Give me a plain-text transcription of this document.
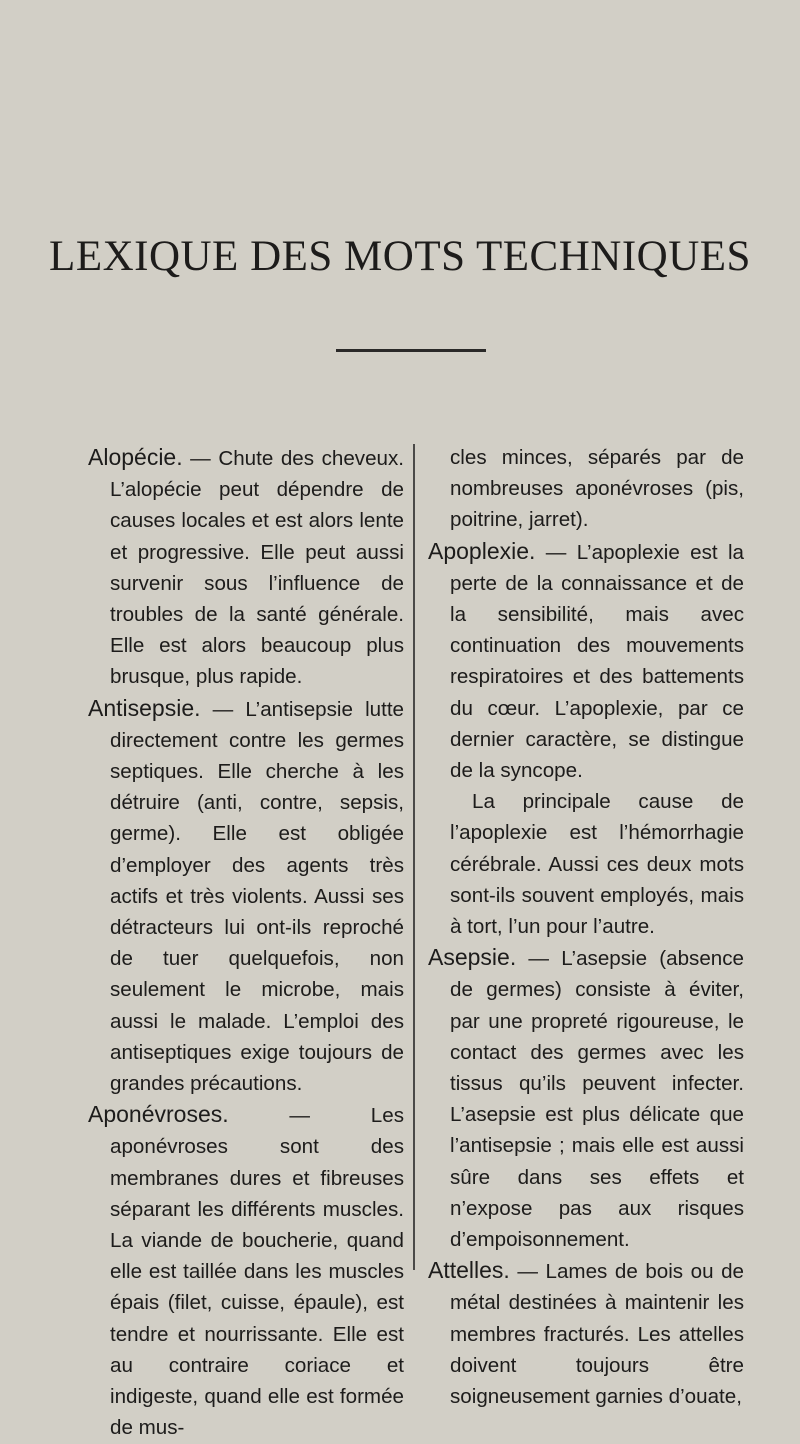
LEXIQUE DES MOTS TECHNIQUES

Alopécie. — Chute des cheveux. L’alopécie peut dépendre de causes locales et est alors lente et progressive. Elle peut aussi survenir sous l’influence de troubles de la santé générale. Elle est alors beaucoup plus brusque, plus rapide.

Antisepsie. — L’antisepsie lutte directement contre les germes septiques. Elle cherche à les détruire (anti, contre, sepsis, germe). Elle est obligée d’employer des agents très actifs et très violents. Aussi ses détracteurs lui ont-ils reproché de tuer quelquefois, non seulement le microbe, mais aussi le malade. L’emploi des antiseptiques exige toujours de grandes précautions.

Aponévroses. — Les aponévroses sont des membranes dures et fibreuses séparant les différents muscles. La viande de boucherie, quand elle est taillée dans les muscles épais (filet, cuisse, épaule), est tendre et nourrissante. Elle est au contraire coriace et indigeste, quand elle est formée de mus-

cles minces, séparés par de nombreuses aponévroses (pis, poitrine, jarret).

Apoplexie. — L’apoplexie est la perte de la connaissance et de la sensibilité, mais avec continuation des mouvements respiratoires et des battements du cœur. L’apoplexie, par ce dernier caractère, se distingue de la syncope.

La principale cause de l’apoplexie est l’hémorrhagie cérébrale. Aussi ces deux mots sont-ils souvent employés, mais à tort, l’un pour l’autre.

Asepsie. — L’asepsie (absence de germes) consiste à éviter, par une propreté rigoureuse, le contact des germes avec les tissus qu’ils peuvent infecter. L’asepsie est plus délicate que l’antisepsie ; mais elle est aussi sûre dans ses effets et n’expose pas aux risques d’empoisonnement.

Attelles. — Lames de bois ou de métal destinées à maintenir les membres fracturés. Les attelles doivent toujours être soigneusement garnies d’ouate,
